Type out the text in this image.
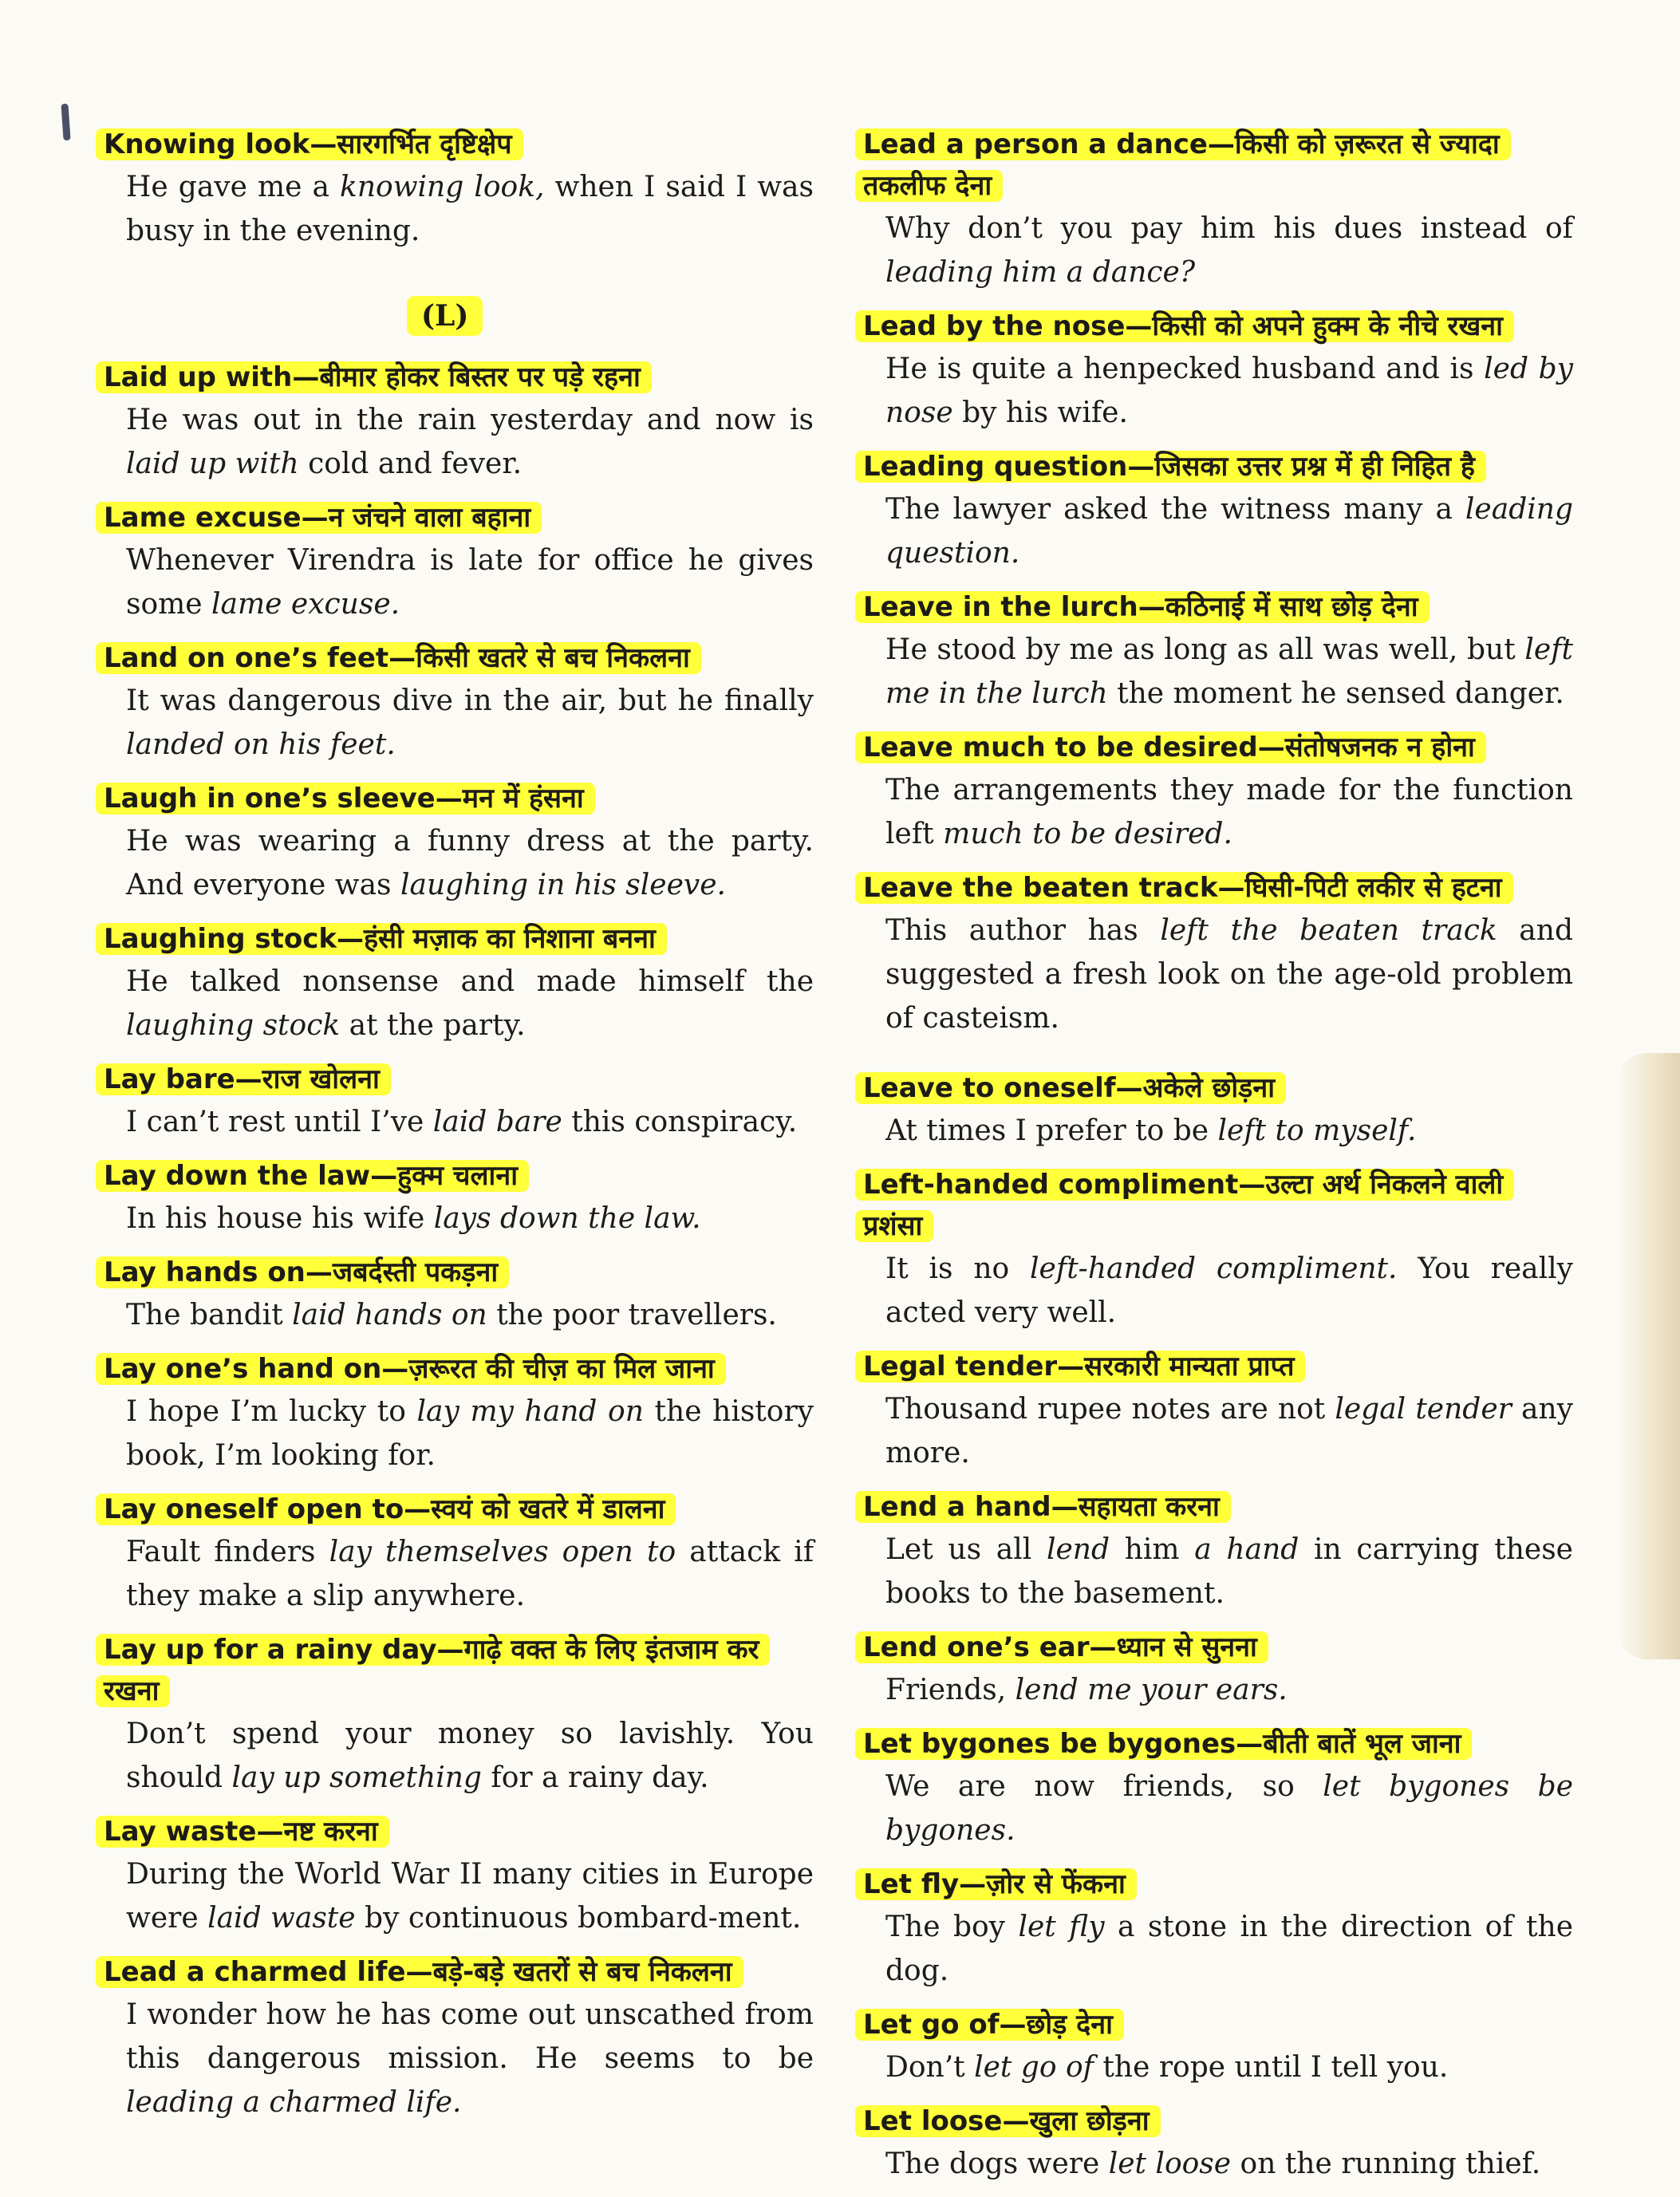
Knowing look—सारगर्भित दृष्टिक्षेप
He gave me a knowing look, when I said I was busy in the evening.
(L)
Laid up with—बीमार होकर बिस्तर पर पड़े रहना
He was out in the rain yesterday and now is laid up with cold and fever.
Lame excuse—न जंचने वाला बहाना
Whenever Virendra is late for office he gives some lame excuse.
Land on one’s feet—किसी खतरे से बच निकलना
It was dangerous dive in the air, but he finally landed on his feet.
Laugh in one’s sleeve—मन में हंसना
He was wearing a funny dress at the party. And everyone was laughing in his sleeve.
Laughing stock—हंसी मज़ाक का निशाना बनना
He talked nonsense and made himself the laughing stock at the party.
Lay bare—राज खोलना
I can’t rest until I’ve laid bare this conspiracy.
Lay down the law—हुक्म चलाना
In his house his wife lays down the law.
Lay hands on—जबर्दस्ती पकड़ना
The bandit laid hands on the poor travellers.
Lay one’s hand on—ज़रूरत की चीज़ का मिल जाना
I hope I’m lucky to lay my hand on the history book, I’m looking for.
Lay oneself open to—स्वयं को खतरे में डालना
Fault finders lay themselves open to attack if they make a slip anywhere.
Lay up for a rainy day—गाढ़े वक्त के लिए इंतजाम कर रखना
Don’t spend your money so lavishly. You should lay up something for a rainy day.
Lay waste—नष्ट करना
During the World War II many cities in Europe were laid waste by continuous bombard-ment.
Lead a charmed life—बड़े-बड़े खतरों से बच निकलना
I wonder how he has come out unscathed from this dangerous mission. He seems to be leading a charmed life.
Lead a person a dance—किसी को ज़रूरत से ज्यादा तकलीफ देना
Why don’t you pay him his dues instead of leading him a dance?
Lead by the nose—किसी को अपने हुक्म के नीचे रखना
He is quite a henpecked husband and is led by nose by his wife.
Leading question—जिसका उत्तर प्रश्न में ही निहित है
The lawyer asked the witness many a leading question.
Leave in the lurch—कठिनाई में साथ छोड़ देना
He stood by me as long as all was well, but left me in the lurch the moment he sensed danger.
Leave much to be desired—संतोषजनक न होना
The arrangements they made for the function left much to be desired.
Leave the beaten track—घिसी-पिटी लकीर से हटना
This author has left the beaten track and suggested a fresh look on the age-old problem of casteism.
Leave to oneself—अकेले छोड़ना
At times I prefer to be left to myself.
Left-handed compliment—उल्टा अर्थ निकलने वाली प्रशंसा
It is no left-handed compliment. You really acted very well.
Legal tender—सरकारी मान्यता प्राप्त
Thousand rupee notes are not legal tender any more.
Lend a hand—सहायता करना
Let us all lend him a hand in carrying these books to the basement.
Lend one’s ear—ध्यान से सुनना
Friends, lend me your ears.
Let bygones be bygones—बीती बातें भूल जाना
We are now friends, so let bygones be bygones.
Let fly—ज़ोर से फेंकना
The boy let fly a stone in the direction of the dog.
Let go of—छोड़ देना
Don’t let go of the rope until I tell you.
Let loose—खुला छोड़ना
The dogs were let loose on the running thief.
